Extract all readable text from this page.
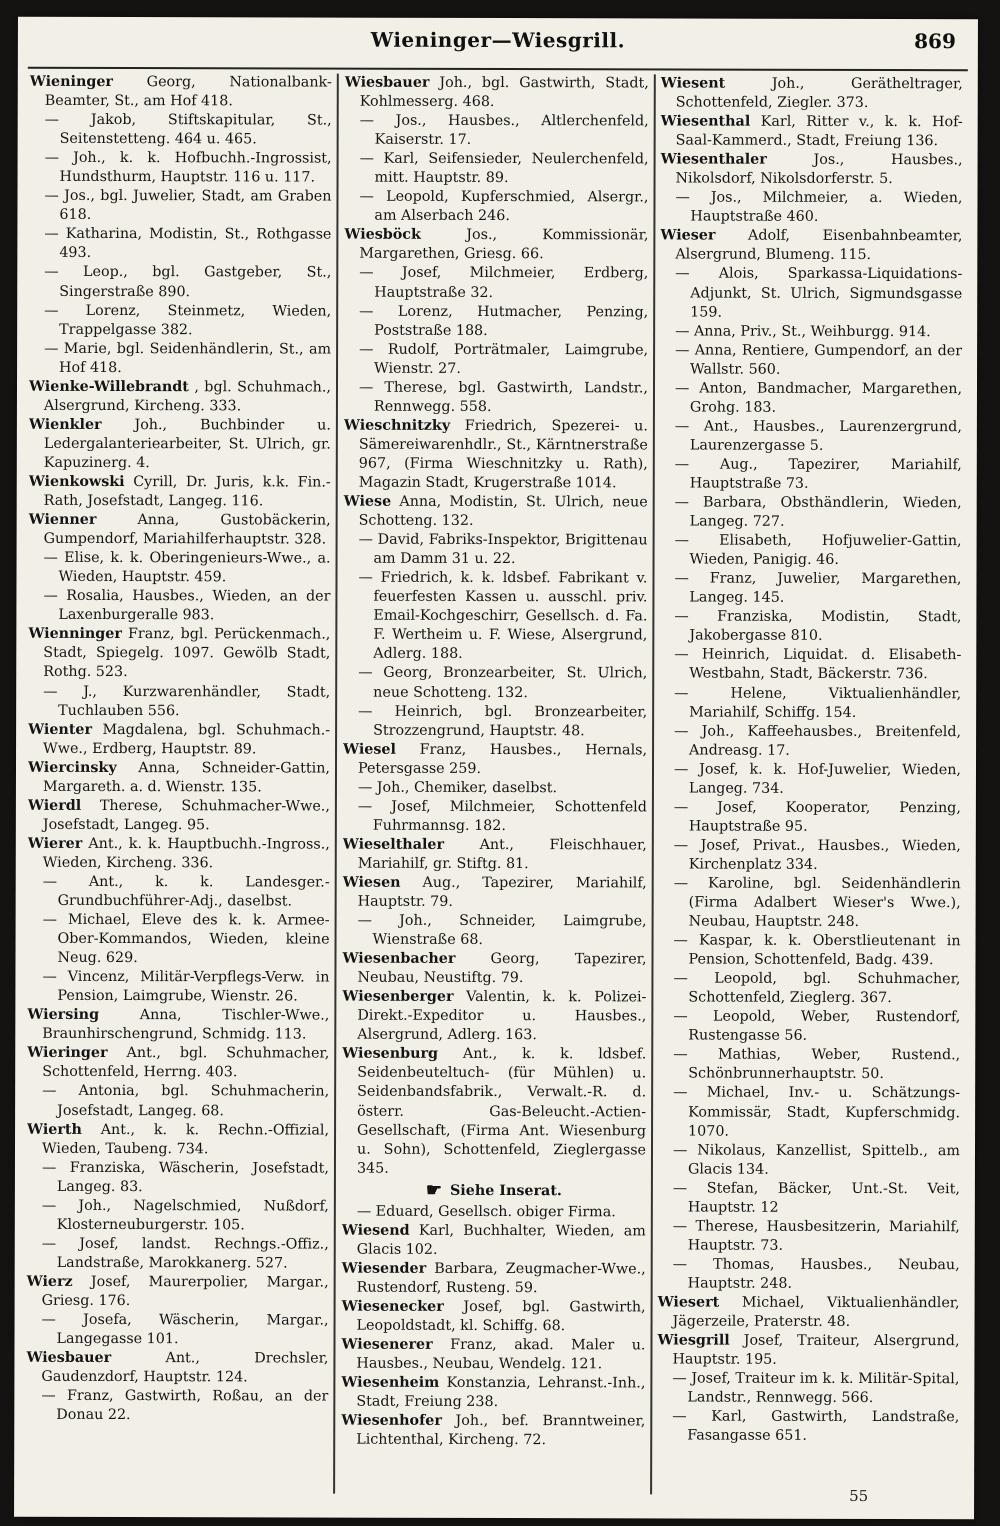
Wieninger—Wiesgrill.	869

Wieninger Georg, Nationalbank-Beamter, St., am Hof 418.

— Jakob, Stiftskapitular, St., Seitenstetteng. 464 u. 465.

— Joh., k. k. Hofbuchh.-Ingrossist, Hundsthurm, Hauptstr. 116 u. 117.

— Jos., bgl. Juwelier, Stadt, am Graben 618.

— Katharina, Modistin, St., Rothgasse 493.

— Leop., bgl. Gastgeber, St., Singerstraße 890.

— Lorenz, Steinmetz, Wieden, Trappelgasse 382.

— Marie, bgl. Seidenhändlerin, St., am Hof 418.

Wienke-Willebrandt , bgl. Schuhmach., Alsergrund, Kircheng. 333.

Wienkler Joh., Buchbinder u. Ledergalanteriearbeiter, St. Ulrich, gr. Kapuzinerg. 4.

Wienkowski Cyrill, Dr. Juris, k.k. Fin.-Rath, Josefstadt, Langeg. 116.

Wienner	Anna, Gustobäckerin, Gumpendorf, Mariahilferhauptstr. 328.

— Elise, k. k. Oberingenieurs-Wwe., a. Wieden, Hauptstr. 459.

— Rosalia, Hausbes., Wieden, an der Laxenburgeralle 983.

Wienninger Franz, bgl. Perückenmach., Stadt, Spiegelg. 1097. Gewölb Stadt, Rothg. 523.

— J., Kurzwarenhändler, Stadt, Tuchlauben 556.

Wienter Magdalena, bgl. Schuhmach.-Wwe., Erdberg, Hauptstr. 89.

Wiercinsky Anna, Schneider-Gattin, Margareth. a. d. Wienstr. 135.

Wierdl Therese, Schuhmacher-Wwe., Josefstadt, Langeg. 95.

Wierer Ant., k. k. Hauptbuchh.-Ingross., Wieden, Kircheng. 336.

— Ant., k. k. Landesger.-Grundbuchführer-Adj., daselbst.

— Michael, Eleve des k. k. Armee-Ober-Kommandos, Wieden, kleine Neug. 629.

— Vincenz, Militär-Verpflegs-Verw. in Pension, Laimgrube, Wienstr. 26.

Wiersing	Anna, Tischler-Wwe., Braunhirschengrund, Schmidg. 113.

Wieringer Ant., bgl. Schuhmacher, Schottenfeld, Herrng. 403.

— Antonia, bgl. Schuhmacherin, Josefstadt, Langeg. 68.

Wierth Ant., k. k. Rechn.-Offizial, Wieden, Taubeng. 734.

— Franziska, Wäscherin, Josefstadt, Langeg. 83.

— Joh., Nagelschmied, Nußdorf, Klosterneuburgerstr. 105.

— Josef, landst. Rechngs.-Offiz., Landstraße, Marokkanerg. 527.

Wierz Josef, Maurerpolier, Margar., Griesg. 176.

— Josefa, Wäscherin, Margar., Langegasse 101.

Wiesbauer	Ant., Drechsler, Gaudenzdorf, Hauptstr. 124.

— Franz, Gastwirth, Roßau, an der Donau 22.

Wiesbauer Joh., bgl. Gastwirth, Stadt, Kohlmesserg. 468.

— Jos., Hausbes., Altlerchenfeld, Kaiserstr. 17.

— Karl, Seifensieder, Neulerchenfeld, mitt. Hauptstr. 89.

— Leopold, Kupferschmied, Alsergr., am Alserbach 246.

Wiesböck	Jos., Kommissionär, Margarethen, Griesg. 66.

— Josef, Milchmeier, Erdberg, Hauptstraße 32.

— Lorenz, Hutmacher, Penzing, Poststraße 188.

— Rudolf, Porträtmaler, Laimgrube, Wienstr. 27.

— Therese, bgl. Gastwirth, Landstr., Rennwegg. 558.

Wieschnitzky Friedrich, Spezerei- u. Sämereiwarenhdlr., St., Kärntnerstraße 967, (Firma Wieschnitzky u. Rath), Magazin Stadt, Krugerstraße 1014.

Wiese Anna, Modistin, St. Ulrich, neue Schotteng. 132.

— David, Fabriks-Inspektor, Brigittenau am Damm 31 u. 22.

— Friedrich, k. k. ldsbef. Fabrikant v. feuerfesten Kassen u. ausschl. priv. Email-Kochgeschirr, Gesellsch. d. Fa. F. Wertheim u. F. Wiese, Alsergrund, Adlerg. 188.

— Georg, Bronzearbeiter, St. Ulrich, neue Schotteng. 132.

— Heinrich, bgl. Bronzearbeiter, Strozzengrund, Hauptstr. 48.

Wiesel Franz, Hausbes., Hernals, Petersgasse 259.

— Joh., Chemiker, daselbst.

— Josef, Milchmeier, Schottenfeld Fuhrmannsg. 182.

Wieselthaler Ant., Fleischhauer, Mariahilf, gr. Stiftg. 81.

Wiesen Aug., Tapezirer, Mariahilf, Hauptstr. 79.

— Joh., Schneider, Laimgrube, Wienstraße 68.

Wiesenbacher Georg, Tapezirer, Neubau, Neustiftg. 79.

Wiesenberger Valentin, k. k. Polizei-Direkt.-Expeditor u. Hausbes., Alsergrund, Adlerg. 163.

Wiesenburg Ant., k. k. ldsbef. Seidenbeuteltuch- (für Mühlen) u. Seidenbandsfabrik., Verwalt.-R. d. österr. Gas-Beleucht.-Actien-Gesellschaft, (Firma Ant. Wiesenburg u. Sohn), Schottenfeld, Zieglergasse 345.

☛ Siehe Inserat.

— Eduard, Gesellsch. obiger Firma.

Wiesend Karl, Buchhalter, Wieden, am Glacis 102.

Wiesender Barbara, Zeugmacher-Wwe., Rustendorf, Rusteng. 59.

Wiesenecker Josef, bgl. Gastwirth, Leopoldstadt, kl. Schiffg. 68.

Wiesenerer Franz, akad. Maler u. Hausbes., Neubau, Wendelg. 121.

Wiesenheim Konstanzia, Lehranst.-Inh., Stadt, Freiung 238.

Wiesenhofer Joh., bef. Branntweiner, Lichtenthal, Kircheng. 72.

Wiesent	Joh., Gerätheltrager, Schottenfeld, Ziegler. 373.

Wiesenthal Karl, Ritter v., k. k. Hof-Saal-Kammerd., Stadt, Freiung 136.

Wiesenthaler	Jos., Hausbes., Nikolsdorf, Nikolsdorferstr. 5.

— Jos., Milchmeier, a. Wieden, Hauptstraße 460.

Wieser Adolf, Eisenbahnbeamter, Alsergrund, Blumeng. 115.

— Alois, Sparkassa-Liquidations-Adjunkt, St. Ulrich, Sigmundsgasse 159.

— Anna, Priv., St., Weihburgg. 914.

— Anna, Rentiere, Gumpendorf, an der Wallstr. 560.

— Anton, Bandmacher, Margarethen, Grohg. 183.

— Ant., Hausbes., Laurenzergrund, Laurenzergasse 5.

— Aug., Tapezirer, Mariahilf, Hauptstraße 73.

— Barbara, Obsthändlerin, Wieden, Langeg. 727.

— Elisabeth, Hofjuwelier-Gattin, Wieden, Panigig. 46.

— Franz, Juwelier, Margarethen, Langeg. 145.

— Franziska, Modistin, Stadt, Jakobergasse 810.

— Heinrich, Liquidat. d. Elisabeth-Westbahn, Stadt, Bäckerstr. 736.

— Helene, Viktualienhändler, Mariahilf, Schiffg. 154.

— Joh., Kaffeehausbes., Breitenfeld, Andreasg. 17.

— Josef, k. k. Hof-Juwelier, Wieden, Langeg. 734.

— Josef, Kooperator, Penzing, Hauptstraße 95.

— Josef, Privat., Hausbes., Wieden, Kirchenplatz 334.

— Karoline, bgl. Seidenhändlerin (Firma Adalbert Wieser's Wwe.), Neubau, Hauptstr. 248.

— Kaspar, k. k. Oberstlieutenant in Pension, Schottenfeld, Badg. 439.

— Leopold, bgl. Schuhmacher, Schottenfeld, Zieglerg. 367.

— Leopold, Weber, Rustendorf, Rustengasse 56.

— Mathias, Weber, Rustend., Schönbrunnerhauptstr. 50.

— Michael, Inv.- u. Schätzungs-Kommissär, Stadt, Kupferschmidg. 1070.

— Nikolaus, Kanzellist, Spittelb., am Glacis 134.

— Stefan, Bäcker, Unt.-St. Veit, Hauptstr. 12

— Therese, Hausbesitzerin, Mariahilf, Hauptstr. 73.

— Thomas, Hausbes., Neubau, Hauptstr. 248.

Wiesert Michael, Viktualienhändler, Jägerzeile, Praterstr. 48.

Wiesgrill Josef, Traiteur, Alsergrund, Hauptstr. 195.

— Josef, Traiteur im k. k. Militär-Spital, Landstr., Rennwegg. 566.

— Karl, Gastwirth, Landstraße, Fasangasse 651.

55
